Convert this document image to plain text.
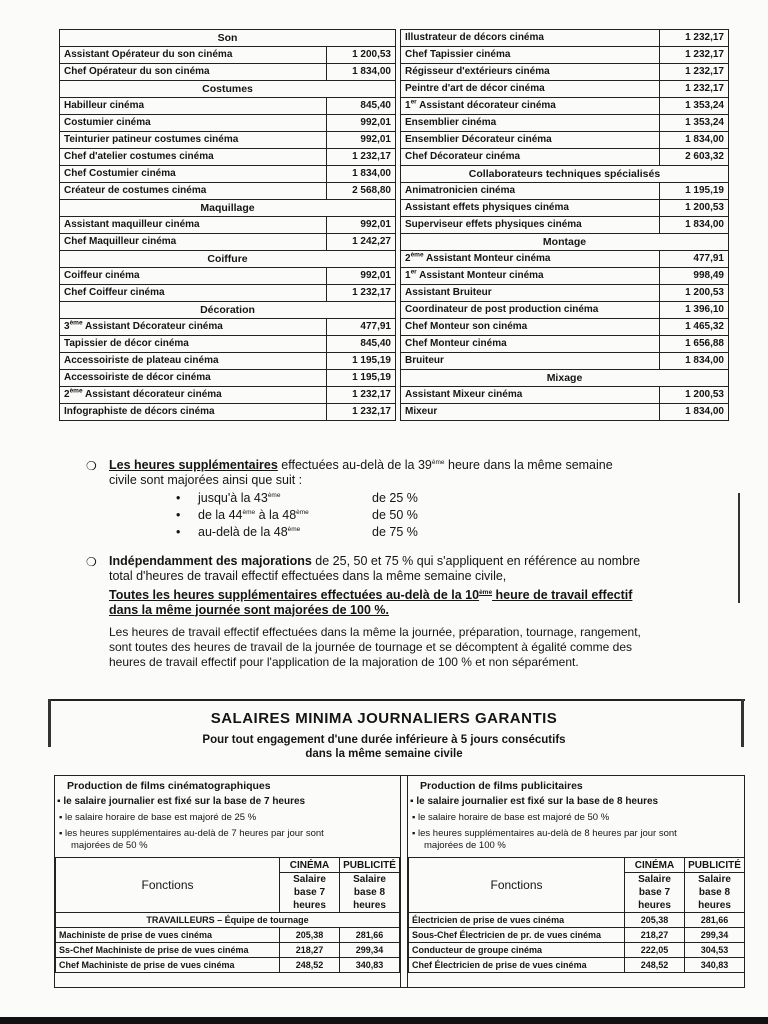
Son	
Assistant Opérateur du son cinéma	1 200,53
Chef Opérateur du son cinéma	1 834,00
Costumes	
Habilleur cinéma	845,40
Costumier cinéma	992,01
Teinturier patineur costumes cinéma	992,01
Chef d'atelier costumes cinéma	1 232,17
Chef Costumier cinéma	1 834,00
Créateur de costumes cinéma	2 568,80
Maquillage	
Assistant maquilleur cinéma	992,01
Chef Maquilleur cinéma	1 242,27
Coiffure	
Coiffeur cinéma	992,01
Chef Coiffeur cinéma	1 232,17
Décoration	
3ème Assistant Décorateur cinéma	477,91
Tapissier de décor cinéma	845,40
Accessoiriste de plateau cinéma	1 195,19
Accessoiriste de décor cinéma	1 195,19
2ème Assistant décorateur cinéma	1 232,17
Infographiste de décors cinéma	1 232,17
Illustrateur de décors cinéma	1 232,17
Chef Tapissier cinéma	1 232,17
Régisseur d'extérieurs cinéma	1 232,17
Peintre d'art de décor cinéma	1 232,17
1er Assistant décorateur cinéma	1 353,24
Ensemblier cinéma	1 353,24
Ensemblier Décorateur cinéma	1 834,00
Chef Décorateur cinéma	2 603,32
Collaborateurs techniques spécialisés	
Animatronicien cinéma	1 195,19
Assistant effets physiques cinéma	1 200,53
Superviseur effets physiques cinéma	1 834,00
Montage	
2ème Assistant Monteur cinéma	477,91
1er Assistant Monteur cinéma	998,49
Assistant Bruiteur	1 200,53
Coordinateur de post production cinéma	1 396,10
Chef Monteur son cinéma	1 465,32
Chef Monteur cinéma	1 656,88
Bruiteur	1 834,00
Mixage	
Assistant Mixeur cinéma	1 200,53
Mixeur	1 834,00
❍ Les heures supplémentaires effectuées au-delà de la 39ème heure dans la même semaine
civile sont majorées ainsi que suit :
• jusqu'à la 43ème	de 25 %
• de la 44ème à la 48ème	de 50 %
• au-delà de la 48ème	de 75 %
❍ Indépendamment des majorations de 25, 50 et 75 % qui s'appliquent en référence au nombre
total d'heures de travail effectif effectuées dans la même semaine civile,
Toutes les heures supplémentaires effectuées au-delà de la 10ème heure de travail effectif
dans la même journée sont majorées de 100 %.
Les heures de travail effectif effectuées dans la même la journée, préparation, tournage, rangement,
sont toutes des heures de travail de la journée de tournage et se décomptent à égalité comme des
heures de travail effectif pour l'application de la majoration de 100 % et non séparément.
SALAIRES MINIMA JOURNALIERS GARANTIS
Pour tout engagement d'une durée inférieure à 5 jours consécutifs
dans la même semaine civile
Production de films cinématographiques
▪ le salaire journalier est fixé sur la base de 7 heures
▪ le salaire horaire de base est majoré de 25 %
▪ les heures supplémentaires au-delà de 7 heures par jour sont
majorées de 50 %
Fonctions	CINÉMA	PUBLICITÉ
	Salaire base 7 heures	Salaire base 8 heures
TRAVAILLEURS – Équipe de tournage		
Machiniste de prise de vues cinéma	205,38	281,66
Ss-Chef Machiniste de prise de vues cinéma	218,27	299,34
Chef Machiniste de prise de vues cinéma	248,52	340,83
Production de films publicitaires
▪ le salaire journalier est fixé sur la base de 8 heures
▪ le salaire horaire de base est majoré de 50 %
▪ les heures supplémentaires au-delà de 8 heures par jour sont
majorées de 100 %
Fonctions	CINÉMA	PUBLICITÉ
	Salaire base 7 heures	Salaire base 8 heures
Électricien de prise de vues cinéma	205,38	281,66
Sous-Chef Électricien de pr. de vues cinéma	218,27	299,34
Conducteur de groupe cinéma	222,05	304,53
Chef Électricien de prise de vues cinéma	248,52	340,83
